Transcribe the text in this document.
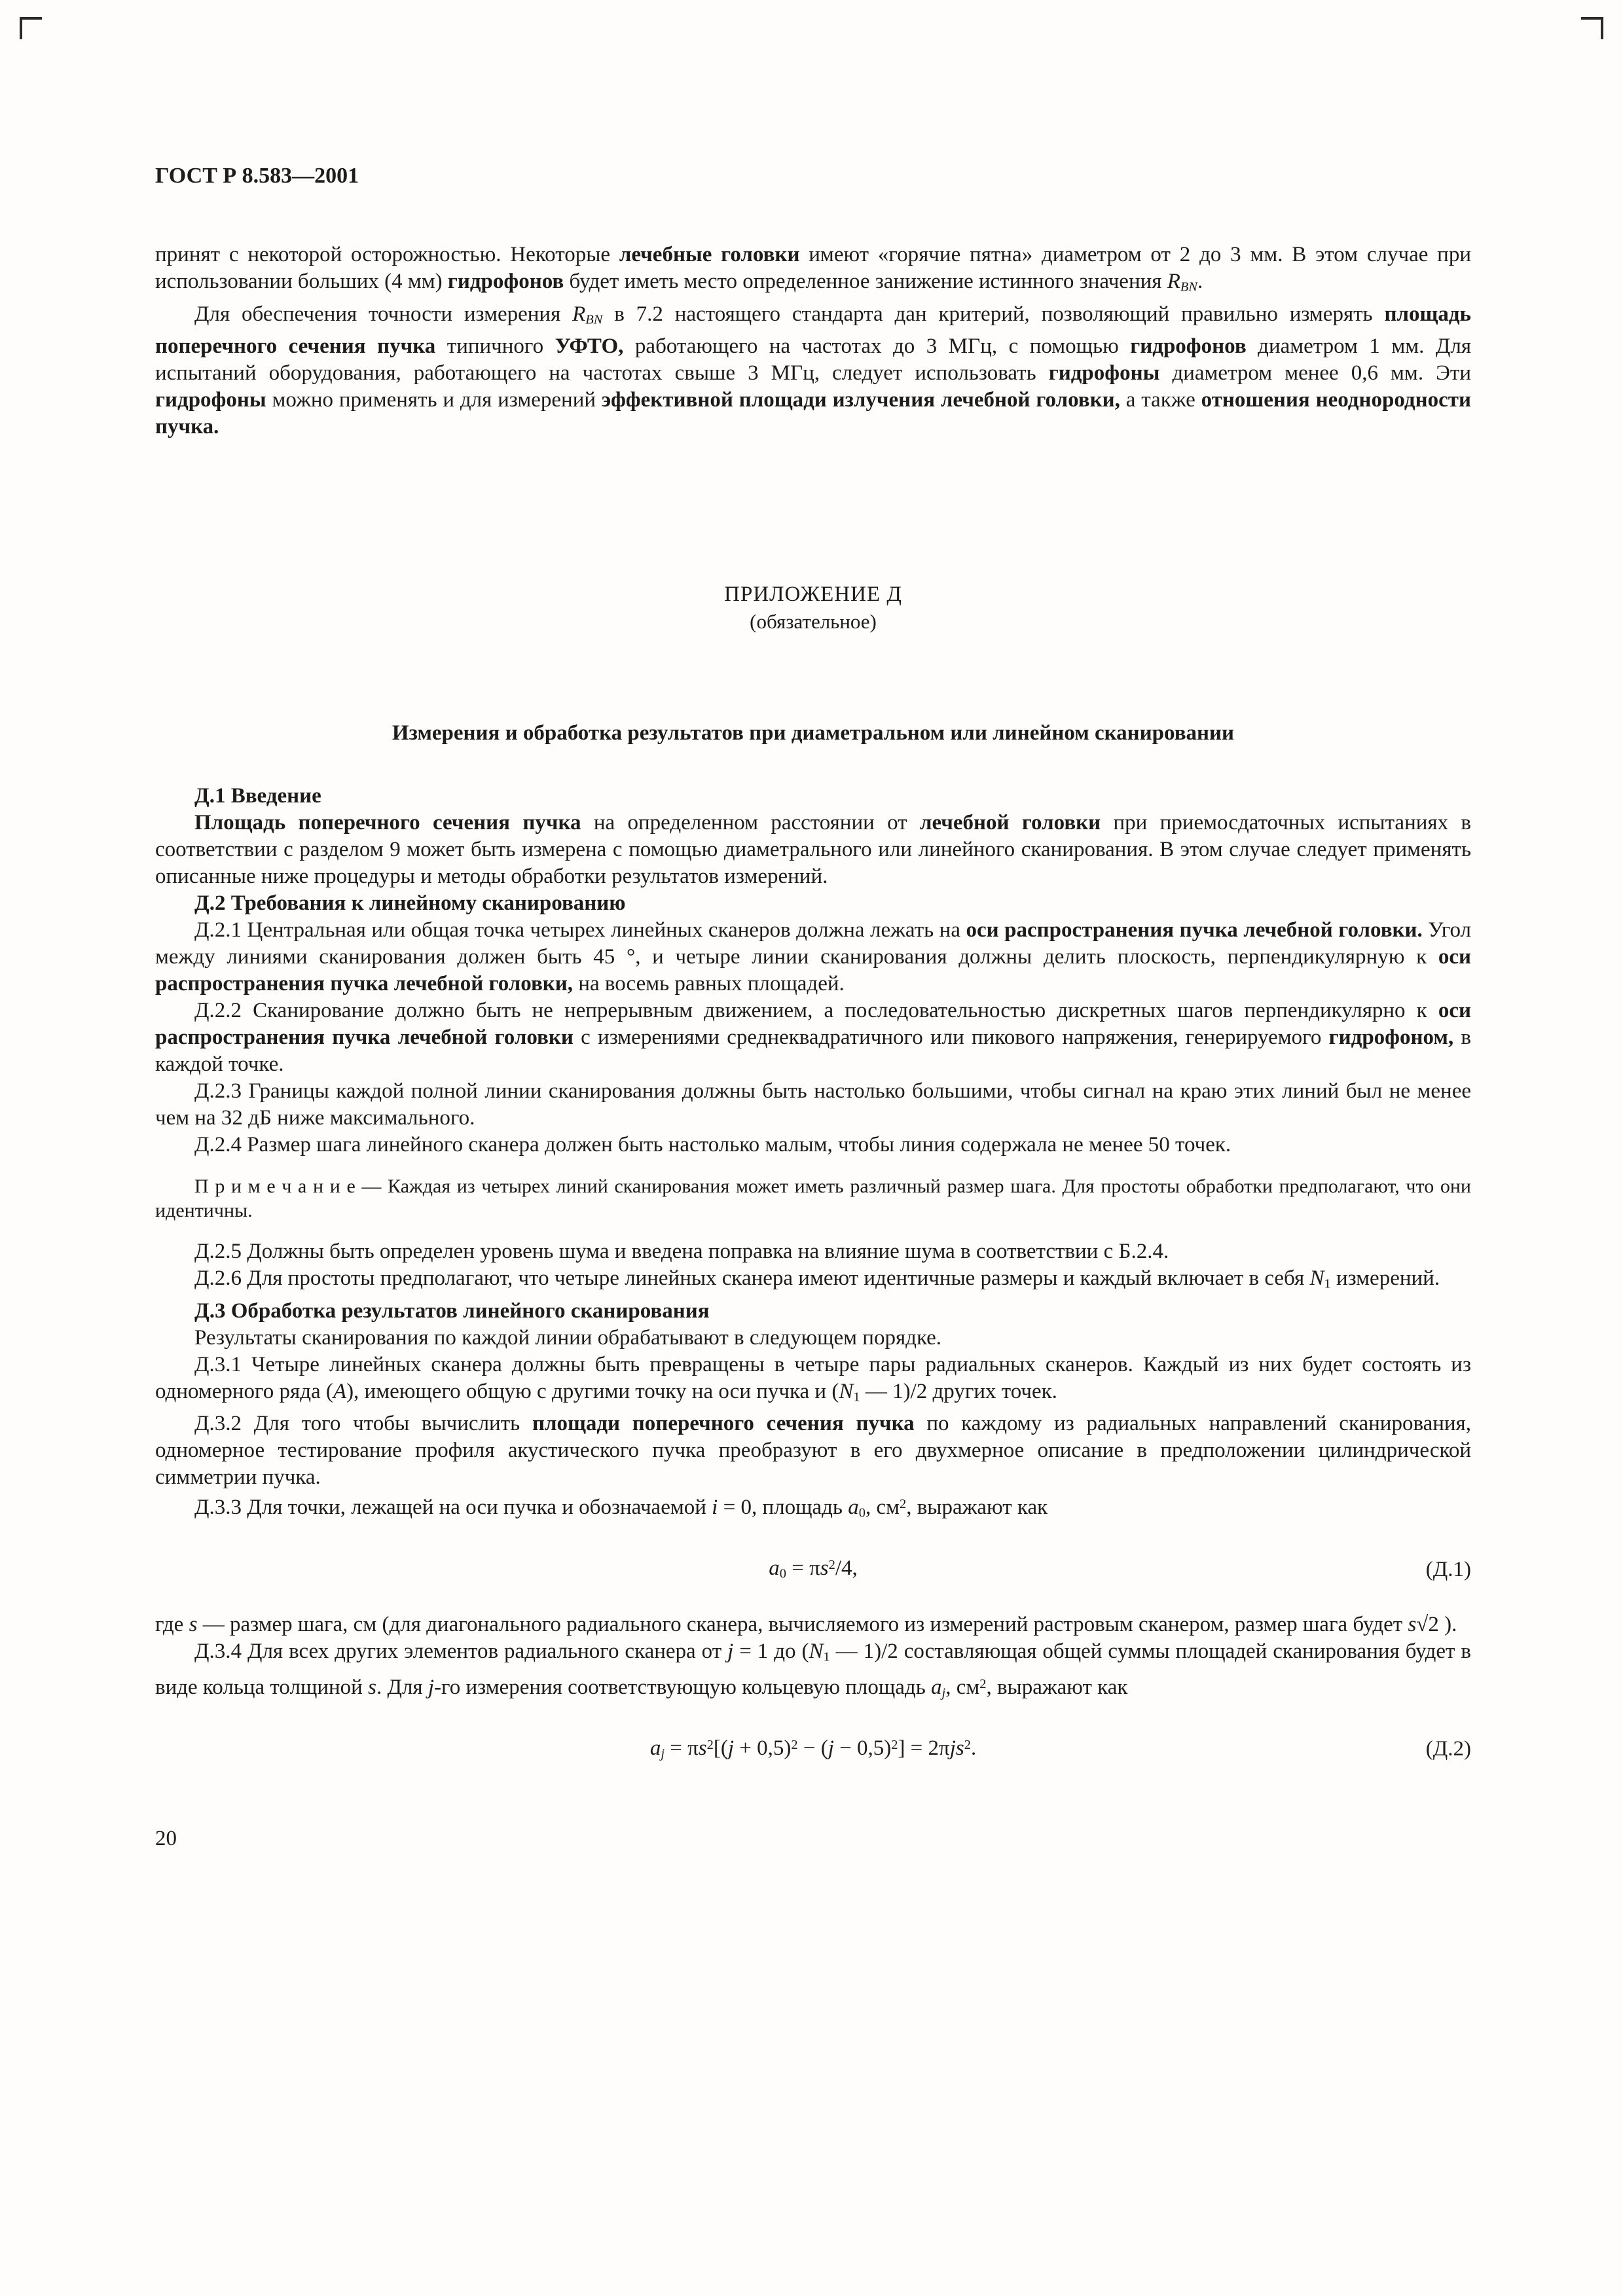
ГОСТ Р 8.583—2001
принят с некоторой осторожностью. Некоторые лечебные головки имеют «горячие пятна» диаметром от 2 до 3 мм. В этом случае при использовании больших (4 мм) гидрофонов будет иметь место определенное занижение истинного значения $R_{BN}$.
Для обеспечения точности измерения $R_{BN}$ в 7.2 настоящего стандарта дан критерий, позволяющий правильно измерять площадь поперечного сечения пучка типичного УФТО, работающего на частотах до 3 МГц, с помощью гидрофонов диаметром 1 мм. Для испытаний оборудования, работающего на частотах свыше 3 МГц, следует использовать гидрофоны диаметром менее 0,6 мм. Эти гидрофоны можно применять и для измерений эффективной площади излучения лечебной головки, а также отношения неоднородности пучка.
ПРИЛОЖЕНИЕ Д
(обязательное)
Измерения и обработка результатов при диаметральном или линейном сканировании
Д.1 Введение
Площадь поперечного сечения пучка на определенном расстоянии от лечебной головки при приемосдаточных испытаниях в соответствии с разделом 9 может быть измерена с помощью диаметрального или линейного сканирования. В этом случае следует применять описанные ниже процедуры и методы обработки результатов измерений.
Д.2 Требования к линейному сканированию
Д.2.1 Центральная или общая точка четырех линейных сканеров должна лежать на оси распространения пучка лечебной головки. Угол между линиями сканирования должен быть 45 °, и четыре линии сканирования должны делить плоскость, перпендикулярную к оси распространения пучка лечебной головки, на восемь равных площадей.
Д.2.2 Сканирование должно быть не непрерывным движением, а последовательностью дискретных шагов перпендикулярно к оси распространения пучка лечебной головки с измерениями среднеквадратичного или пикового напряжения, генерируемого гидрофоном, в каждой точке.
Д.2.3 Границы каждой полной линии сканирования должны быть настолько большими, чтобы сигнал на краю этих линий был не менее чем на 32 дБ ниже максимального.
Д.2.4 Размер шага линейного сканера должен быть настолько малым, чтобы линия содержала не менее 50 точек.
П р и м е ч а н и е — Каждая из четырех линий сканирования может иметь различный размер шага. Для простоты обработки предполагают, что они идентичны.
Д.2.5 Должны быть определен уровень шума и введена поправка на влияние шума в соответствии с Б.2.4.
Д.2.6 Для простоты предполагают, что четыре линейных сканера имеют идентичные размеры и каждый включает в себя $N_1$ измерений.
Д.3 Обработка результатов линейного сканирования
Результаты сканирования по каждой линии обрабатывают в следующем порядке.
Д.3.1 Четыре линейных сканера должны быть превращены в четыре пары радиальных сканеров. Каждый из них будет состоять из одномерного ряда (А), имеющего общую с другими точку на оси пучка и ($N_1$ — 1)/2 других точек.
Д.3.2 Для того чтобы вычислить площади поперечного сечения пучка по каждому из радиальных направлений сканирования, одномерное тестирование профиля акустического пучка преобразуют в его двухмерное описание в предположении цилиндрической симметрии пучка.
Д.3.3 Для точки, лежащей на оси пучка и обозначаемой i = 0, площадь $a_0$, $см^2$, выражают как
$a_0 = \pi s^2/4$,	(Д.1)
где s — размер шага, см (для диагонального радиального сканера, вычисляемого из измерений растровым сканером, размер шага будет s√2 ).
Д.3.4 Для всех других элементов радиального сканера от j = 1 до ($N_1$ — 1)/2 составляющая общей суммы площадей сканирования будет в виде кольца толщиной s. Для j-го измерения соответствующую кольцевую площадь $a_j$, $см^2$, выражают как
$a_j = \pi s^2[(j + 0,5)^2 - (j - 0,5)^2] = 2\pi js^2$.	(Д.2)
20
